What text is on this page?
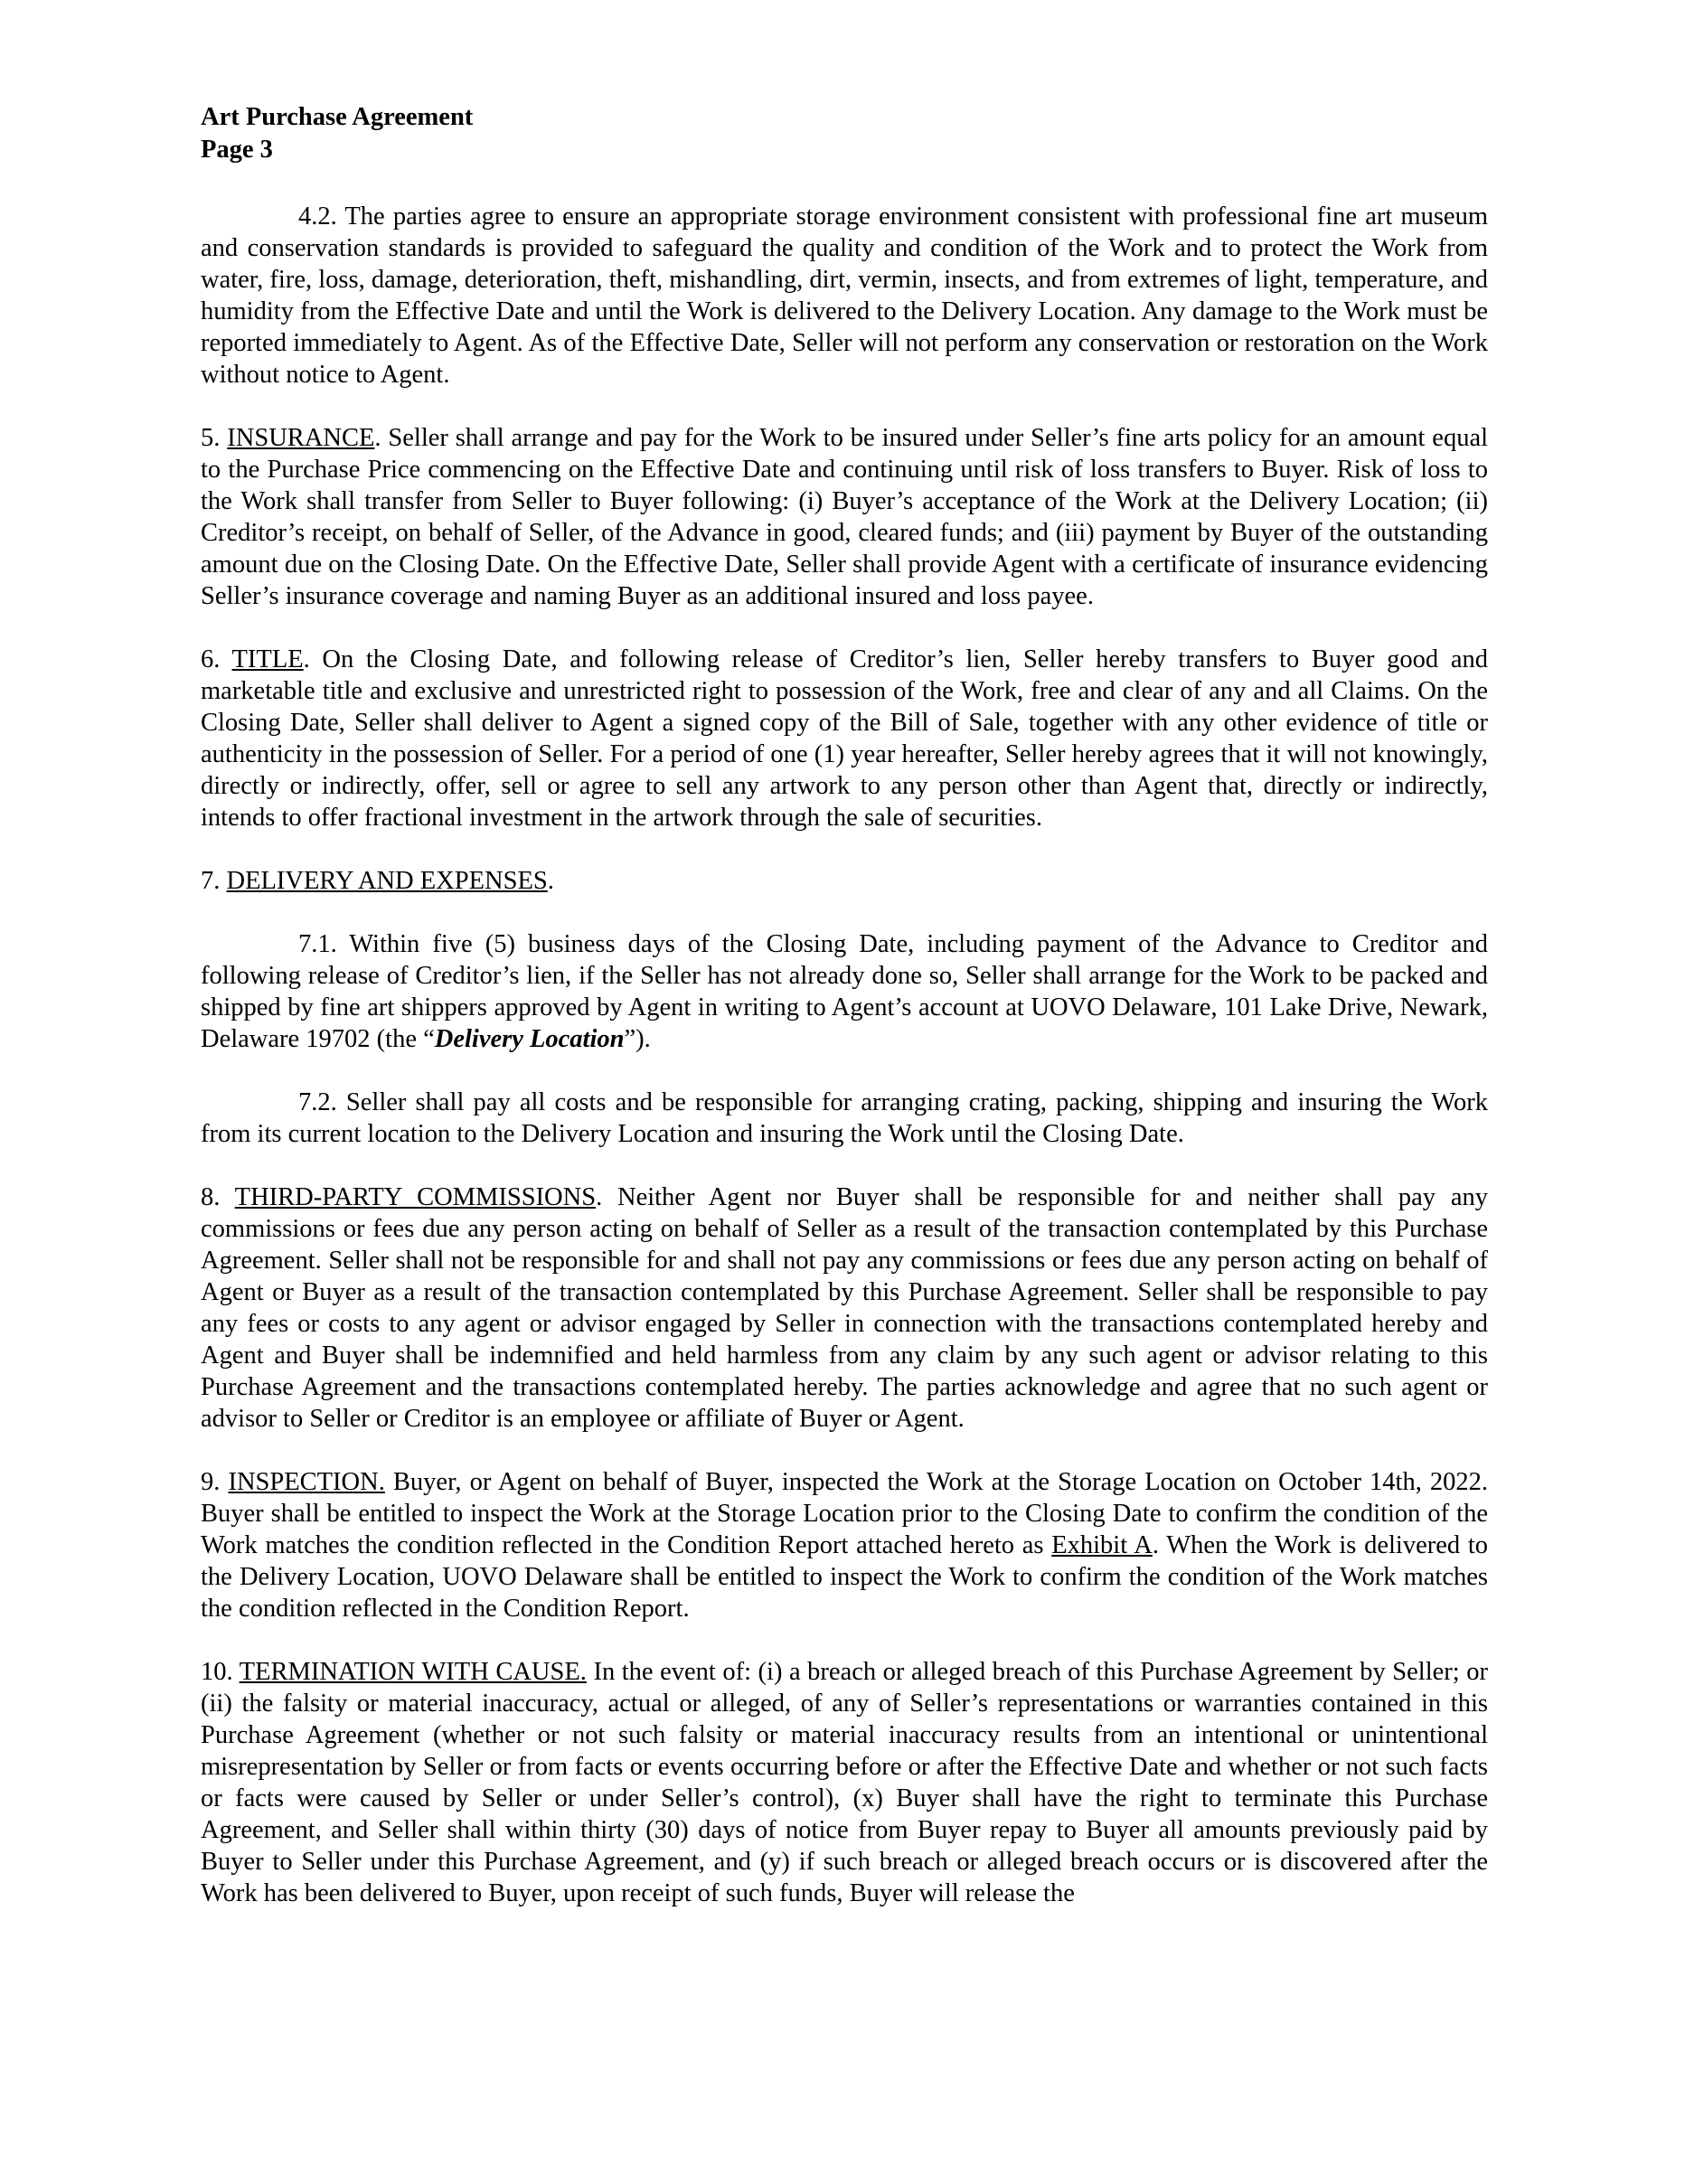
Art Purchase Agreement
Page 3

4.2. The parties agree to ensure an appropriate storage environment consistent with professional fine art museum and conservation standards is provided to safeguard the quality and condition of the Work and to protect the Work from water, fire, loss, damage, deterioration, theft, mishandling, dirt, vermin, insects, and from extremes of light, temperature, and humidity from the Effective Date and until the Work is delivered to the Delivery Location. Any damage to the Work must be reported immediately to Agent. As of the Effective Date, Seller will not perform any conservation or restoration on the Work without notice to Agent.

5. INSURANCE. Seller shall arrange and pay for the Work to be insured under Seller’s fine arts policy for an amount equal to the Purchase Price commencing on the Effective Date and continuing until risk of loss transfers to Buyer. Risk of loss to the Work shall transfer from Seller to Buyer following: (i) Buyer’s acceptance of the Work at the Delivery Location; (ii) Creditor’s receipt, on behalf of Seller, of the Advance in good, cleared funds; and (iii) payment by Buyer of the outstanding amount due on the Closing Date. On the Effective Date, Seller shall provide Agent with a certificate of insurance evidencing Seller’s insurance coverage and naming Buyer as an additional insured and loss payee.

6. TITLE. On the Closing Date, and following release of Creditor’s lien, Seller hereby transfers to Buyer good and marketable title and exclusive and unrestricted right to possession of the Work, free and clear of any and all Claims. On the Closing Date, Seller shall deliver to Agent a signed copy of the Bill of Sale, together with any other evidence of title or authenticity in the possession of Seller. For a period of one (1) year hereafter, Seller hereby agrees that it will not knowingly, directly or indirectly, offer, sell or agree to sell any artwork to any person other than Agent that, directly or indirectly, intends to offer fractional investment in the artwork through the sale of securities.

7. DELIVERY AND EXPENSES.

7.1. Within five (5) business days of the Closing Date, including payment of the Advance to Creditor and following release of Creditor’s lien, if the Seller has not already done so, Seller shall arrange for the Work to be packed and shipped by fine art shippers approved by Agent in writing to Agent’s account at UOVO Delaware, 101 Lake Drive, Newark, Delaware 19702 (the “Delivery Location”).

7.2. Seller shall pay all costs and be responsible for arranging crating, packing, shipping and insuring the Work from its current location to the Delivery Location and insuring the Work until the Closing Date.

8. THIRD-PARTY COMMISSIONS. Neither Agent nor Buyer shall be responsible for and neither shall pay any commissions or fees due any person acting on behalf of Seller as a result of the transaction contemplated by this Purchase Agreement. Seller shall not be responsible for and shall not pay any commissions or fees due any person acting on behalf of Agent or Buyer as a result of the transaction contemplated by this Purchase Agreement. Seller shall be responsible to pay any fees or costs to any agent or advisor engaged by Seller in connection with the transactions contemplated hereby and Agent and Buyer shall be indemnified and held harmless from any claim by any such agent or advisor relating to this Purchase Agreement and the transactions contemplated hereby. The parties acknowledge and agree that no such agent or advisor to Seller or Creditor is an employee or affiliate of Buyer or Agent.

9. INSPECTION. Buyer, or Agent on behalf of Buyer, inspected the Work at the Storage Location on October 14th, 2022. Buyer shall be entitled to inspect the Work at the Storage Location prior to the Closing Date to confirm the condition of the Work matches the condition reflected in the Condition Report attached hereto as Exhibit A. When the Work is delivered to the Delivery Location, UOVO Delaware shall be entitled to inspect the Work to confirm the condition of the Work matches the condition reflected in the Condition Report.

10. TERMINATION WITH CAUSE. In the event of: (i) a breach or alleged breach of this Purchase Agreement by Seller; or (ii) the falsity or material inaccuracy, actual or alleged, of any of Seller’s representations or warranties contained in this Purchase Agreement (whether or not such falsity or material inaccuracy results from an intentional or unintentional misrepresentation by Seller or from facts or events occurring before or after the Effective Date and whether or not such facts or facts were caused by Seller or under Seller’s control), (x) Buyer shall have the right to terminate this Purchase Agreement, and Seller shall within thirty (30) days of notice from Buyer repay to Buyer all amounts previously paid by Buyer to Seller under this Purchase Agreement, and (y) if such breach or alleged breach occurs or is discovered after the Work has been delivered to Buyer, upon receipt of such funds, Buyer will release the
